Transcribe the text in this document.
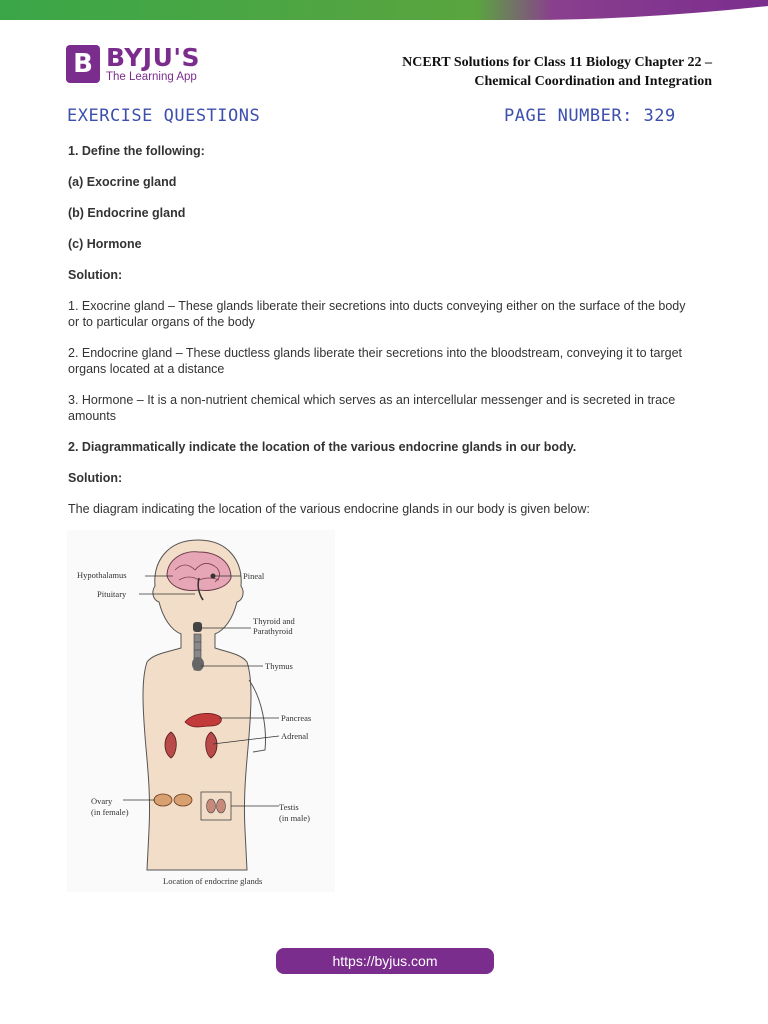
B BYJU'S
The Learning App
NCERT Solutions for Class 11 Biology Chapter 22 –
Chemical Coordination and Integration
EXERCISE QUESTIONS	PAGE NUMBER: 329

1. Define the following:

(a) Exocrine gland

(b) Endocrine gland

(c) Hormone

Solution:

1. Exocrine gland – These glands liberate their secretions into ducts conveying either on the surface of the body or to particular organs of the body

2. Endocrine gland – These ductless glands liberate their secretions into the bloodstream, conveying it to target organs located at a distance

3. Hormone – It is a non-nutrient chemical which serves as an intercellular messenger and is secreted in trace amounts

2. Diagrammatically indicate the location of the various endocrine glands in our body.

Solution:

The diagram indicating the location of the various endocrine glands in our body is given below:

Hypothalamus	Pineal
Pituitary
Thyroid and
Parathyroid
Thymus
Pancreas
Adrenal
Ovary
(in female)	Testis
(in male)
Location of endocrine glands
https://byjus.com
